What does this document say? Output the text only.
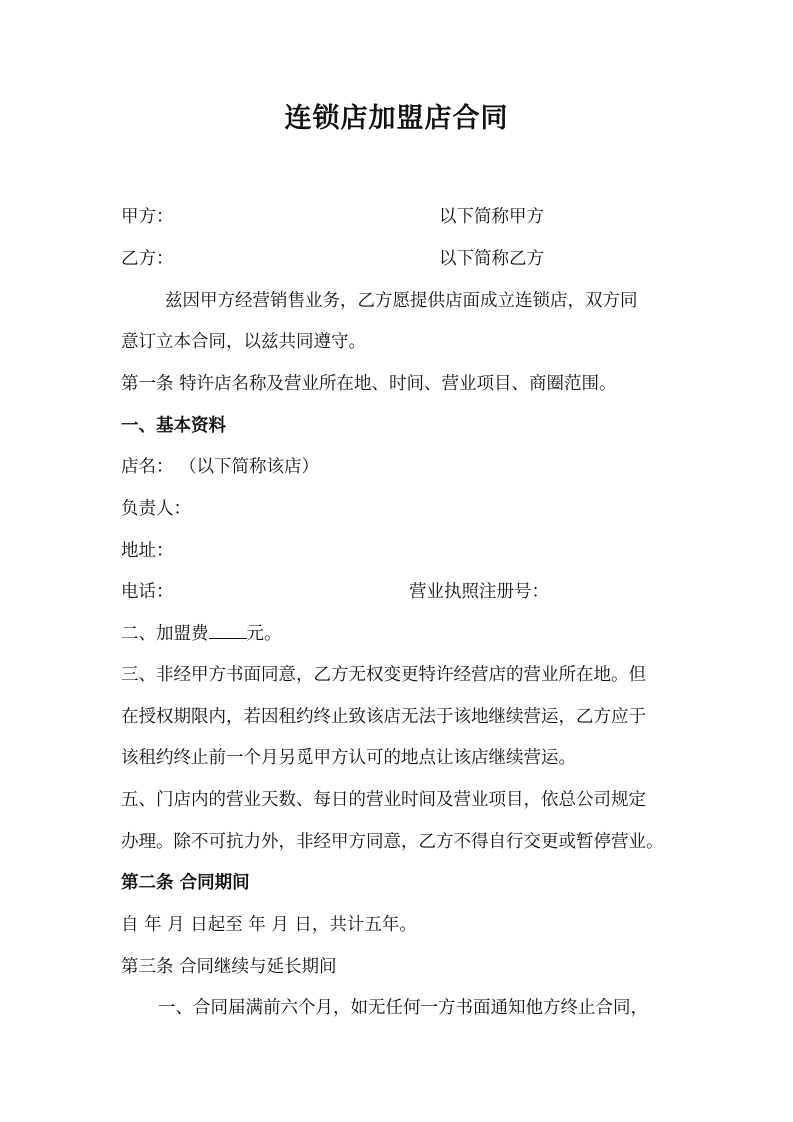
连锁店加盟店合同
甲方：	以下简称甲方
乙方：	以下简称乙方
兹因甲方经营销售业务，乙方愿提供店面成立连锁店，双方同
意订立本合同，以兹共同遵守。
第一条 特许店名称及营业所在地、时间、营业项目、商圈范围。
一、基本资料
店名： （以下简称该店）
负责人：
地址：
电话：	营业执照注册号：
二、加盟费 元。
三、非经甲方书面同意，乙方无权变更特许经营店的营业所在地。但
在授权期限内，若因租约终止致该店无法于该地继续营运，乙方应于
该租约终止前一个月另觅甲方认可的地点让该店继续营运。
五、门店内的营业天数、每日的营业时间及营业项目，依总公司规定
办理。除不可抗力外，非经甲方同意，乙方不得自行交更或暂停营业。
第二条 合同期间
自 年 月 日起至 年 月 日，共计五年。
第三条 合同继续与延长期间
一、合同届满前六个月，如无任何一方书面通知他方终止合同，
